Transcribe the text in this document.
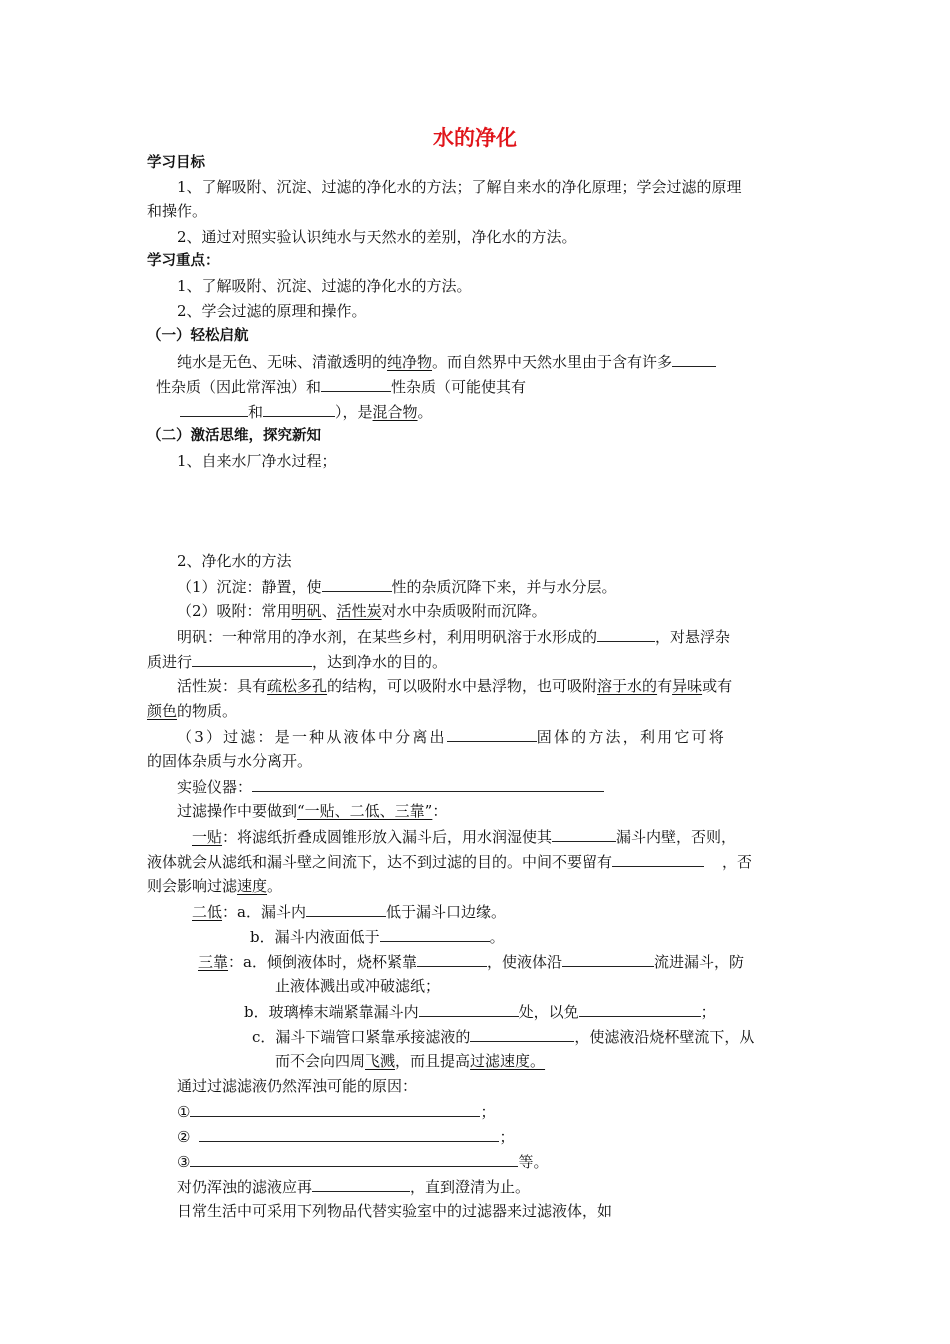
水的净化
学习目标
1、了解吸附、沉淀、过滤的净化水的方法；了解自来水的净化原理；学会过滤的原理
和操作。
2、通过对照实验认识纯水与天然水的差别，净化水的方法。
学习重点：
1、了解吸附、沉淀、过滤的净化水的方法。
2、学会过滤的原理和操作。
（一）轻松启航
纯水是无色、无味、清澈透明的纯净物。而自然界中天然水里由于含有许多
性杂质（因此常浑浊）和	性杂质（可能使其有
和	），是混合物。
（二）激活思维，探究新知
1、自来水厂净水过程；
2、净化水的方法
（1）沉淀：静置，使	性的杂质沉降下来，并与水分层。
（2）吸附：常用明矾、活性炭对水中杂质吸附而沉降。
明矾：一种常用的净水剂，在某些乡村，利用明矾溶于水形成的	，对悬浮杂
质进行	，达到净水的目的。
活性炭：具有疏松多孔的结构，可以吸附水中悬浮物，也可吸附溶于水的有异味或有
颜色的物质。
（3）过滤：是一种从液体中分离出	固体的方法，利用它可将
的固体杂质与水分离开。
实验仪器：
过滤操作中要做到“一贴、二低、三靠”：
一贴：将滤纸折叠成圆锥形放入漏斗后，用水润湿使其	漏斗内壁，否则，
液体就会从滤纸和漏斗壁之间流下，达不到过滤的目的。中间不要留有	，否
则会影响过滤速度。
二低：a．漏斗内	低于漏斗口边缘。
b．漏斗内液面低于	。
三靠：a．倾倒液体时，烧杯紧靠	，使液体沿	流进漏斗，防
止液体溅出或冲破滤纸；
b．玻璃棒末端紧靠漏斗内	处，以免	；
c．漏斗下端管口紧靠承接滤液的	，使滤液沿烧杯壁流下，从
而不会向四周飞溅，而且提高过滤速度。
通过过滤滤液仍然浑浊可能的原因：
①	；
②	；
③	等。
对仍浑浊的滤液应再	，直到澄清为止。
日常生活中可采用下列物品代替实验室中的过滤器来过滤液体，如
